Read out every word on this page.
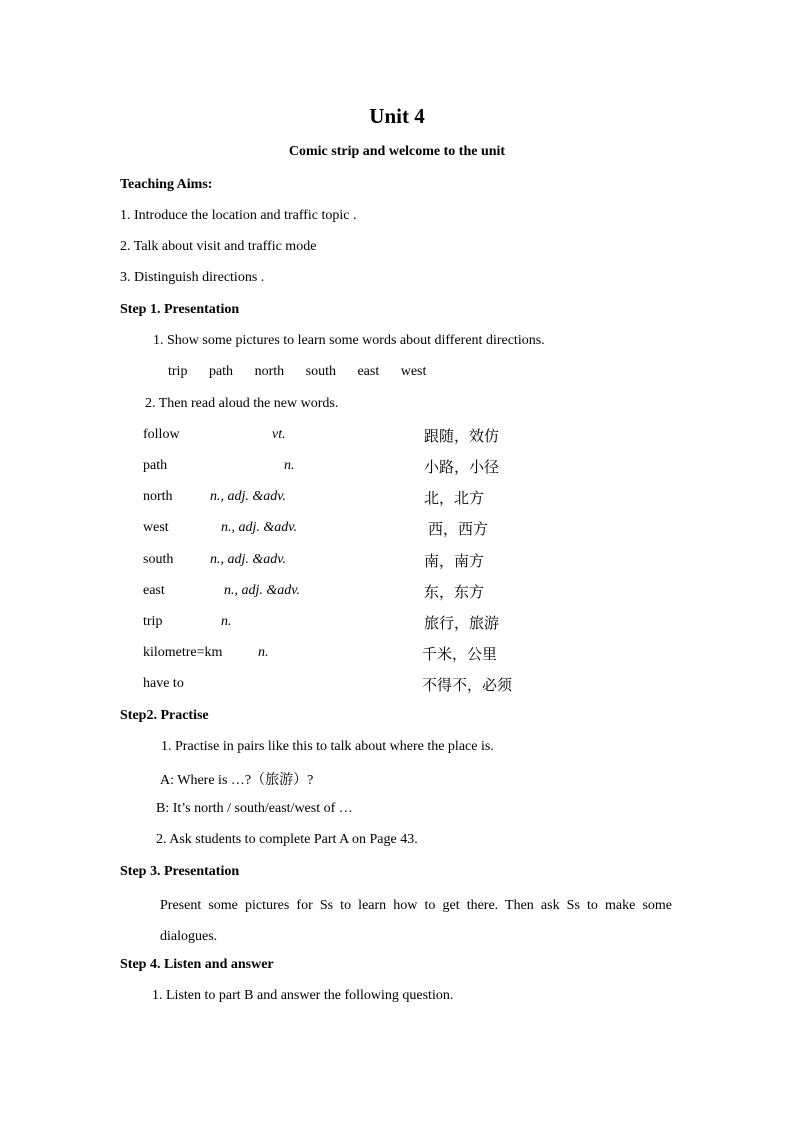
Unit 4
Comic strip and welcome to the unit
Teaching Aims:
1. Introduce the location and traffic topic .
2. Talk about visit and traffic mode
3. Distinguish directions .
Step 1. Presentation
1. Show some pictures to learn some words about different directions.
trip path north south east west
2. Then read aloud the new words.
follow	vt.	跟随，效仿
path	n.	小路，小径
north	n., adj. &adv.	北，北方
west	n., adj. &adv.	西，西方
south	n., adj. &adv.	南，南方
east	n., adj. &adv.	东，东方
trip	n.	旅行，旅游
kilometre=km	n.	千米，公里
have to	不得不，必须
Step2. Practise
1. Practise in pairs like this to talk about where the place is.
A: Where is …?（旅游）?
B: It’s north / south/east/west of …
2. Ask students to complete Part A on Page 43.
Step 3. Presentation
Present some pictures for Ss to learn how to get there. Then ask Ss to make some dialogues.
Step 4. Listen and answer
1. Listen to part B and answer the following question.
